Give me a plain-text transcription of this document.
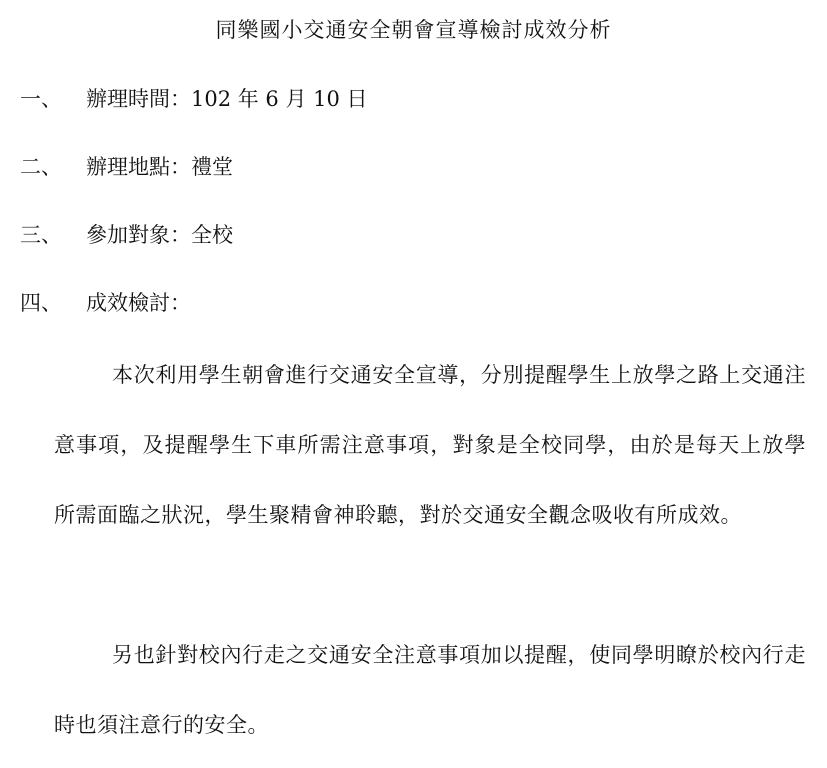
同樂國小交通安全朝會宣導檢討成效分析
一、 辦理時間：102 年 6 月 10 日
二、 辦理地點：禮堂
三、 參加對象：全校
四、 成效檢討：

本次利用學生朝會進行交通安全宣導，分別提醒學生上放學之路上交通注意事項，及提醒學生下車所需注意事項，對象是全校同學，由於是每天上放學所需面臨之狀況，學生聚精會神聆聽，對於交通安全觀念吸收有所成效。

另也針對校內行走之交通安全注意事項加以提醒，使同學明瞭於校內行走時也須注意行的安全。
